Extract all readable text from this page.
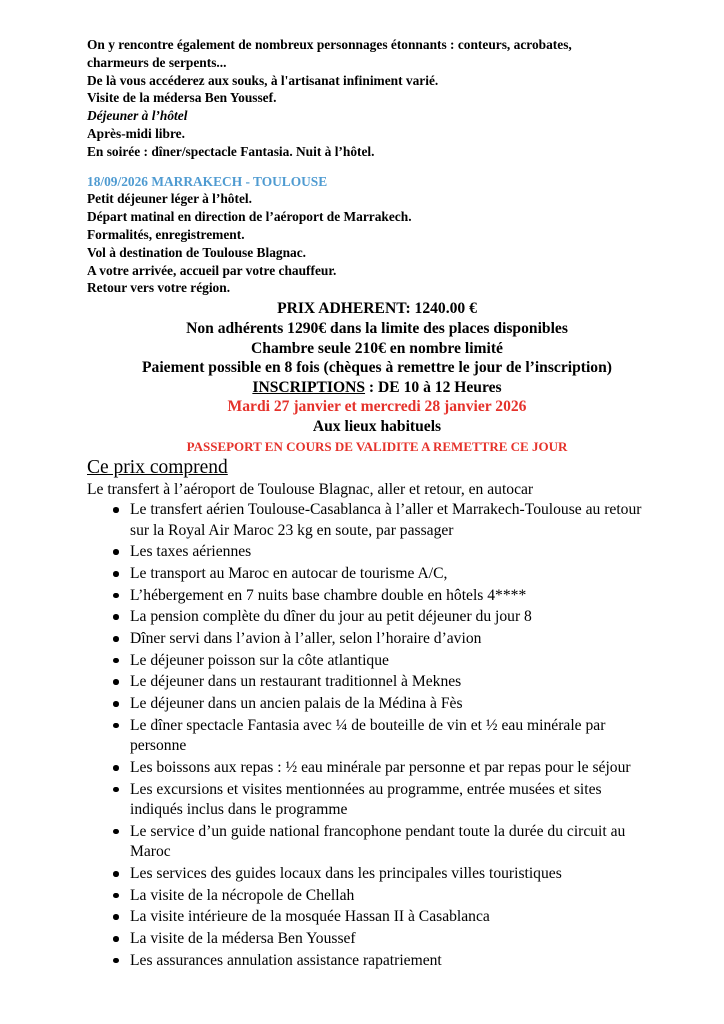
On y rencontre également de nombreux personnages étonnants : conteurs, acrobates,

charmeurs de serpents...

De là vous accéderez aux souks, à l'artisanat infiniment varié.

Visite de la médersa Ben Youssef.

Déjeuner à l’hôtel

Après-midi libre.

En soirée : dîner/spectacle Fantasia. Nuit à l’hôtel.

18/09/2026 MARRAKECH - TOULOUSE

Petit déjeuner léger à l’hôtel.

Départ matinal en direction de l’aéroport de Marrakech.

Formalités, enregistrement.

Vol à destination de Toulouse Blagnac.

A votre arrivée, accueil par votre chauffeur.

Retour vers votre région.

PRIX ADHERENT: 1240.00 €
Non adhérents 1290€ dans la limite des places disponibles
Chambre seule 210€ en nombre limité
Paiement possible en 8 fois (chèques à remettre le jour de l’inscription)
INSCRIPTIONS : DE 10 à 12 Heures
Mardi 27 janvier et mercredi 28 janvier 2026
Aux lieux habituels
PASSEPORT EN COURS DE VALIDITE A REMETTRE CE JOUR
Ce prix comprend

Le transfert à l’aéroport de Toulouse Blagnac, aller et retour, en autocar

Le transfert aérien Toulouse-Casablanca à l’aller et Marrakech-Toulouse au retour sur la Royal Air Maroc 23 kg en soute, par passager
Les taxes aériennes
Le transport au Maroc en autocar de tourisme A/C,
L’hébergement en 7 nuits base chambre double en hôtels 4****
La pension complète du dîner du jour au petit déjeuner du jour 8
Dîner servi dans l’avion à l’aller, selon l’horaire d’avion
Le déjeuner poisson sur la côte atlantique
Le déjeuner dans un restaurant traditionnel à Meknes
Le déjeuner dans un ancien palais de la Médina à Fès
Le dîner spectacle Fantasia avec ¼ de bouteille de vin et ½ eau minérale par personne
Les boissons aux repas : ½ eau minérale par personne et par repas pour le séjour
Les excursions et visites mentionnées au programme, entrée musées et sites indiqués inclus dans le programme
Le service d’un guide national francophone pendant toute la durée du circuit au Maroc
Les services des guides locaux dans les principales villes touristiques
La visite de la nécropole de Chellah
La visite intérieure de la mosquée Hassan II à Casablanca
La visite de la médersa Ben Youssef
Les assurances annulation assistance rapatriement
